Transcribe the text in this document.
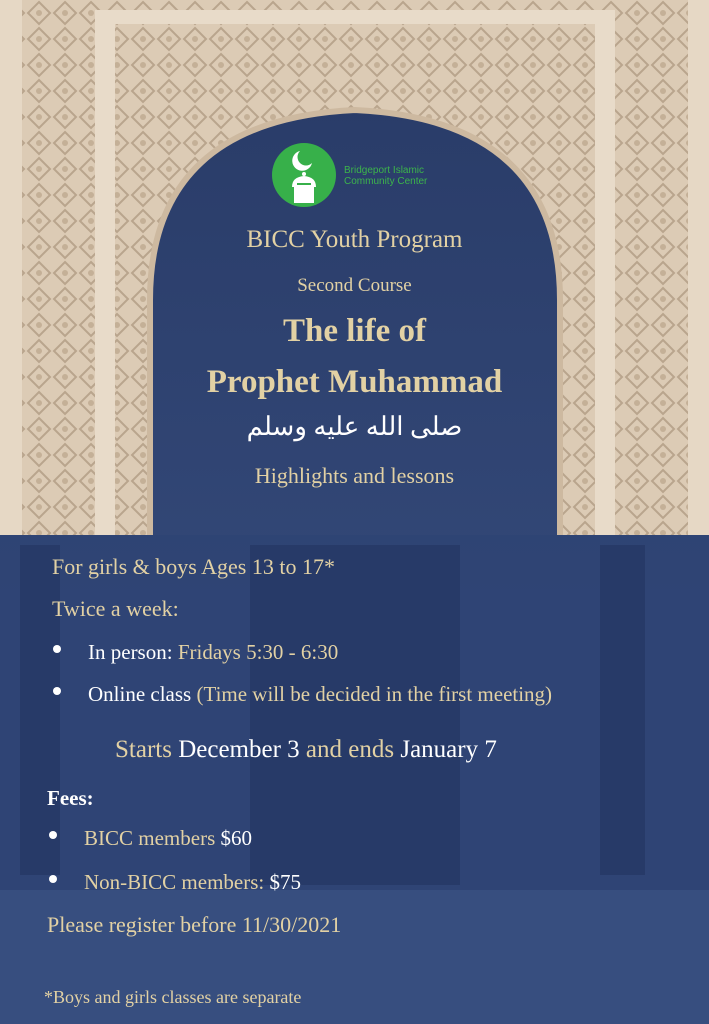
Bridgeport Islamic
Community Center

BICC Youth Program

Second Course

The life of

Prophet Muhammad

صلى الله عليه وسلم

Highlights and lessons

For girls & boys Ages 13 to 17*

Twice a week:

In person: Fridays 5:30 - 6:30

Online class (Time will be decided in the first meeting)

Starts December 3 and ends January 7

Fees:

BICC members $60

Non-BICC members: $75

Please register before 11/30/2021

*Boys and girls classes are separate
